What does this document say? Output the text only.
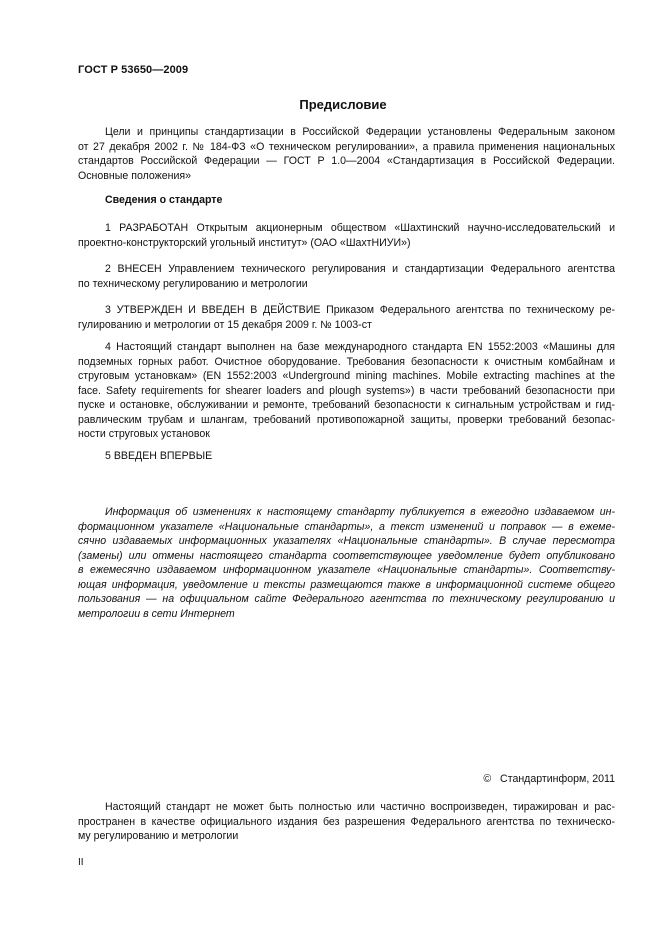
ГОСТ Р 53650—2009
Предисловие
Цели и принципы стандартизации в Российской Федерации установлены Федеральным законом
от 27 декабря 2002 г. № 184-ФЗ «О техническом регулировании», а правила применения национальных
стандартов Российской Федерации — ГОСТ Р 1.0—2004 «Стандартизация в Российской Федерации.
Основные положения»
Сведения о стандарте
1 РАЗРАБОТАН Открытым акционерным обществом «Шахтинский научно-исследовательский и
проектно-конструкторский угольный институт» (ОАО «ШахтНИУИ»)
2 ВНЕСЕН Управлением технического регулирования и стандартизации Федерального агентства
по техническому регулированию и метрологии
3 УТВЕРЖДЕН И ВВЕДЕН В ДЕЙСТВИЕ Приказом Федерального агентства по техническому ре-
гулированию и метрологии от 15 декабря 2009 г. № 1003-ст
4 Настоящий стандарт выполнен на базе международного стандарта EN 1552:2003 «Машины для
подземных горных работ. Очистное оборудование. Требования безопасности к очистным комбайнам и
струговым установкам» (EN 1552:2003 «Underground mining machines. Mobile extracting machines at the
face. Safety requirements for shearer loaders and plough systems») в части требований безопасности при
пуске и остановке, обслуживании и ремонте, требований безопасности к сигнальным устройствам и гид-
равлическим трубам и шлангам, требований противопожарной защиты, проверки требований безопас-
ности струговых установок
5 ВВЕДЕН ВПЕРВЫЕ
Информация об изменениях к настоящему стандарту публикуется в ежегодно издаваемом ин-
формационном указателе «Национальные стандарты», а текст изменений и поправок — в ежеме-
сячно издаваемых информационных указателях «Национальные стандарты». В случае пересмотра
(замены) или отмены настоящего стандарта соответствующее уведомление будет опубликовано
в ежемесячно издаваемом информационном указателе «Национальные стандарты». Соответству-
ющая информация, уведомление и тексты размещаются также в информационной системе общего
пользования — на официальном сайте Федерального агентства по техническому регулированию и
метрологии в сети Интернет
©   Стандартинформ, 2011
Настоящий стандарт не может быть полностью или частично воспроизведен, тиражирован и рас-
пространен в качестве официального издания без разрешения Федерального агентства по техническо-
му регулированию и метрологии
II
